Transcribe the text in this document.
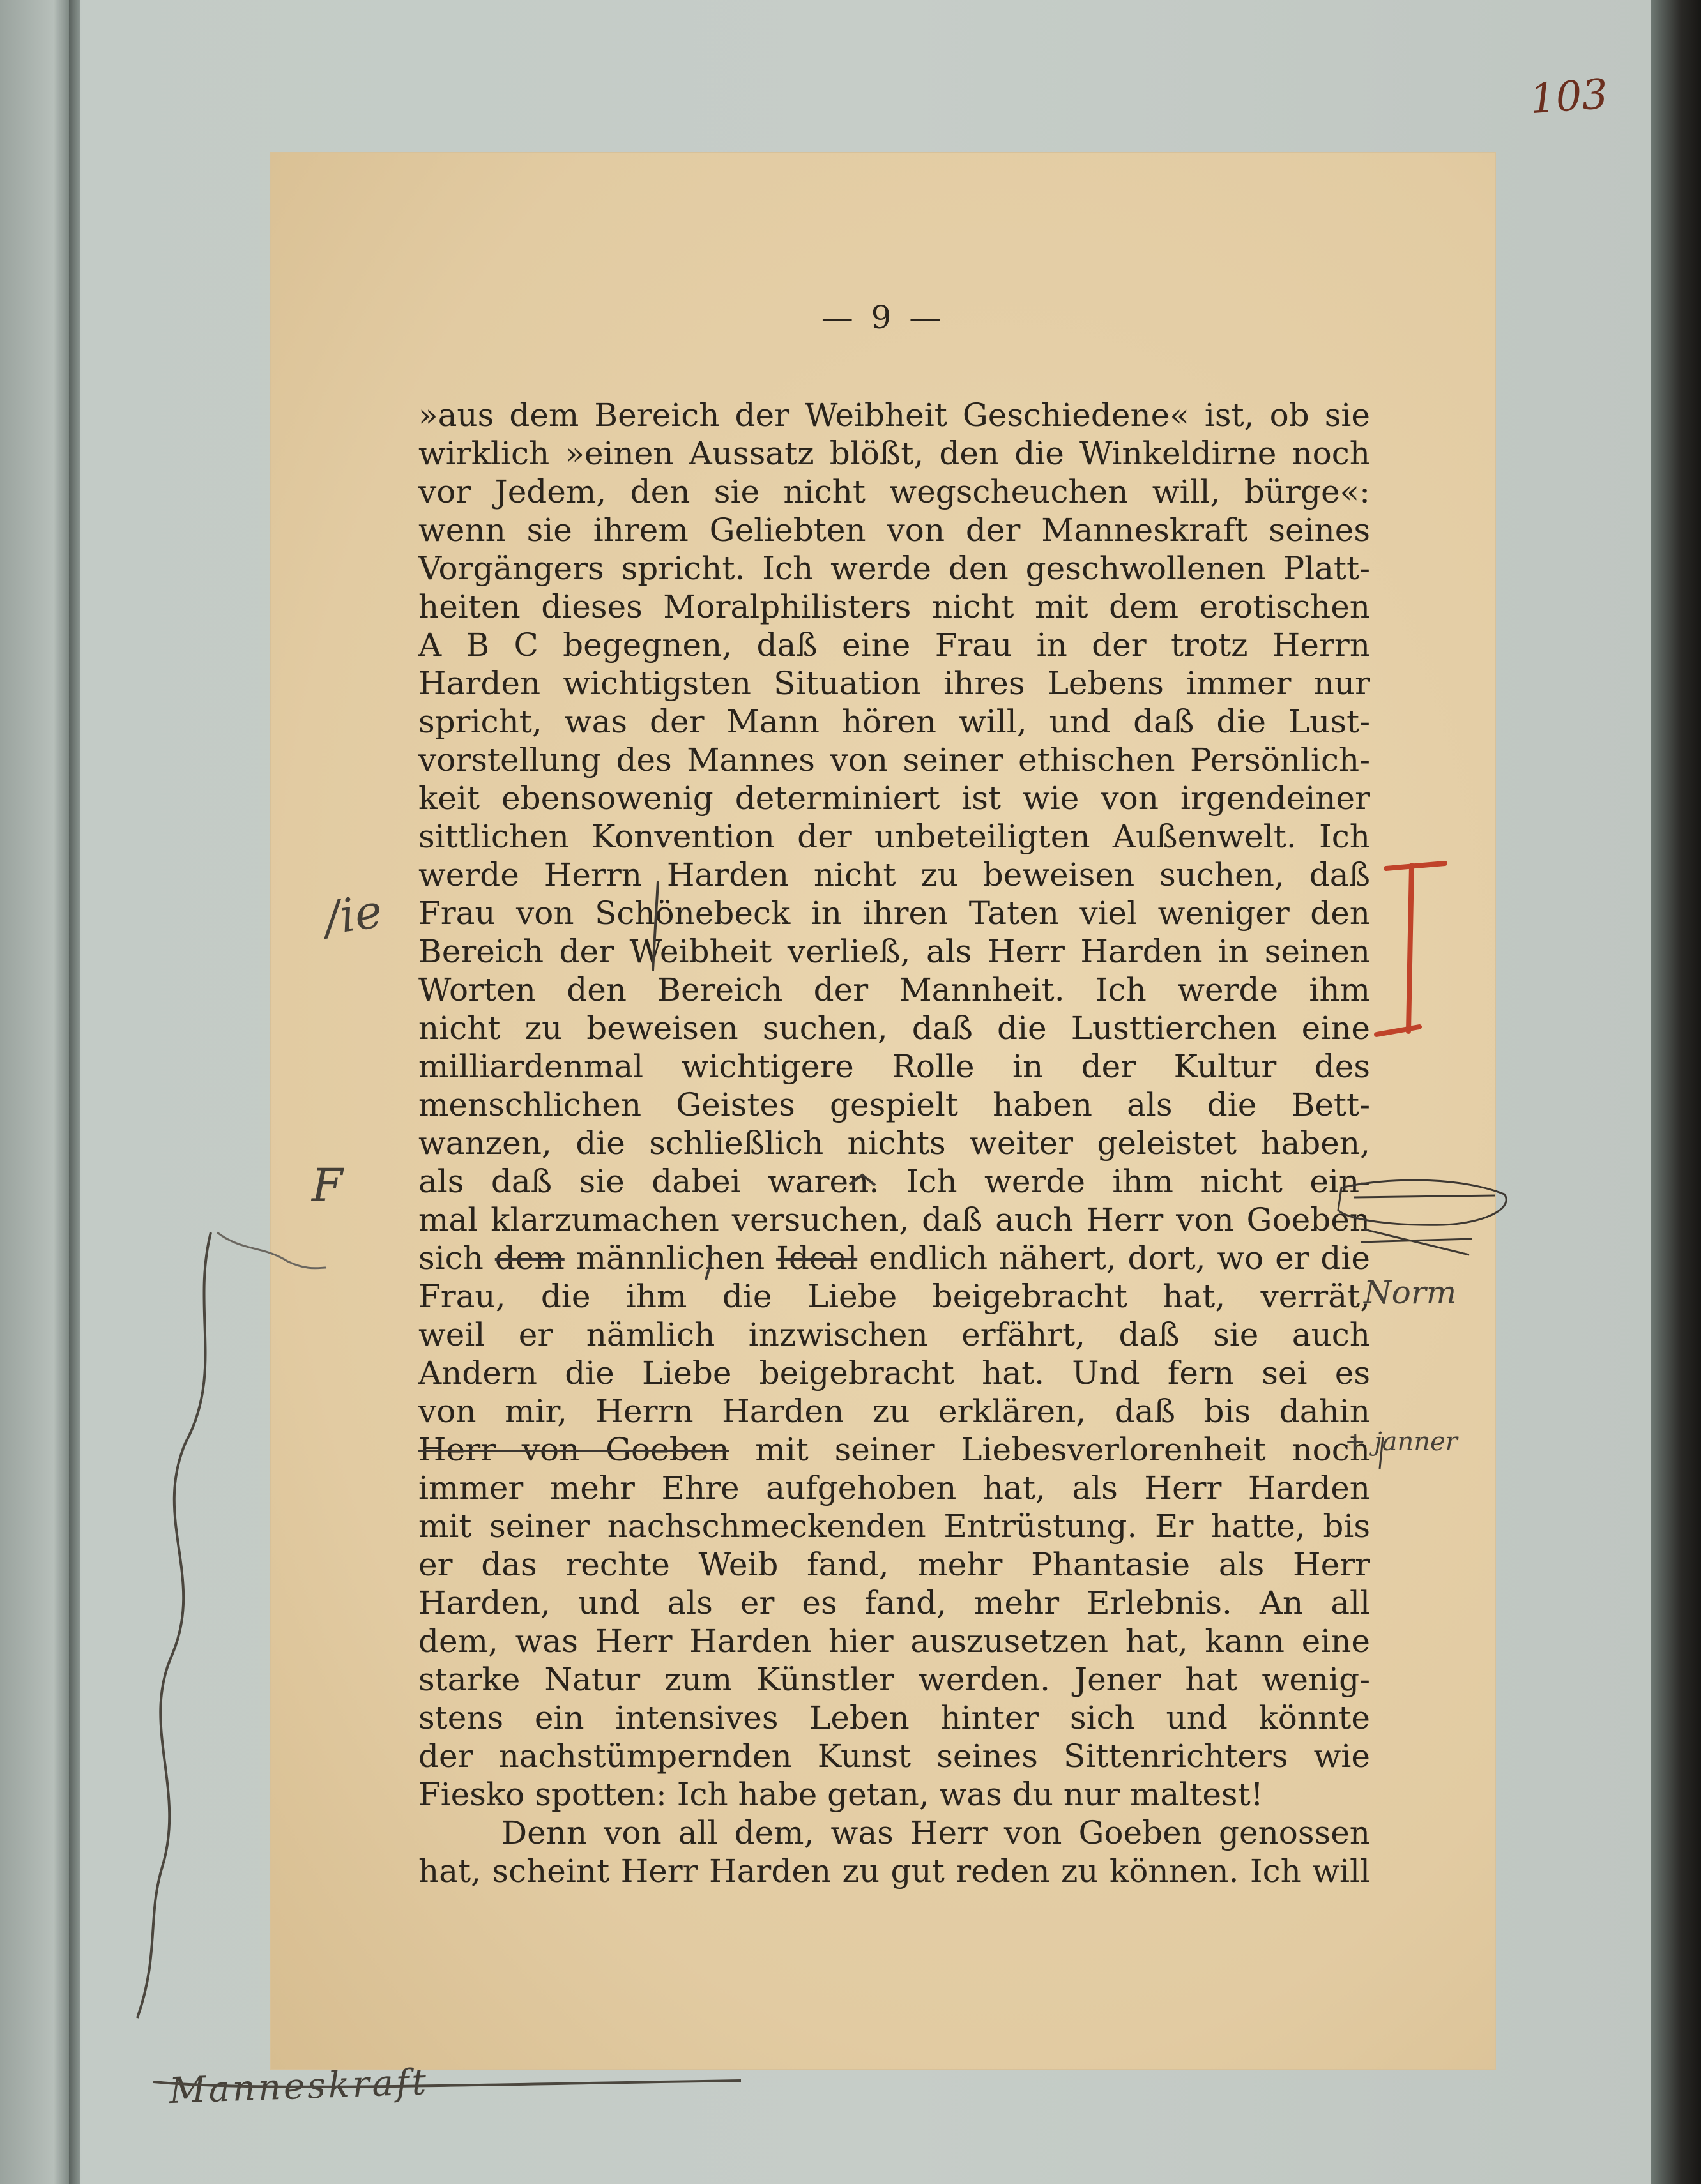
103
— 9 —
»aus dem Bereich der Weibheit Geschiedene« ist, ob sie
wirklich »einen Aussatz blößt, den die Winkeldirne noch
vor Jedem, den sie nicht wegscheuchen will, bürge«:
wenn sie ihrem Geliebten von der Manneskraft seines
Vorgängers spricht. Ich werde den geschwollenen Platt-
heiten dieses Moralphilisters nicht mit dem erotischen
A B C begegnen, daß eine Frau in der trotz Herrn
Harden wichtigsten Situation ihres Lebens immer nur
spricht, was der Mann hören will, und daß die Lust-
vorstellung des Mannes von seiner ethischen Persönlich-
keit ebensowenig determiniert ist wie von irgendeiner
sittlichen Konvention der unbeteiligten Außenwelt. Ich
werde Herrn Harden nicht zu beweisen suchen, daß
Frau von Schönebeck in ihren Taten viel weniger den
Bereich der Weibheit verließ, als Herr Harden in seinen
Worten den Bereich der Mannheit. Ich werde ihm
nicht zu beweisen suchen, daß die Lusttierchen eine
milliardenmal wichtigere Rolle in der Kultur des
menschlichen Geistes gespielt haben als die Bett-
wanzen, die schließlich nichts weiter geleistet haben,
als daß sie dabei waren. Ich werde ihm nicht ein-
mal klarzumachen versuchen, daß auch Herr von Goeben
sich dem männlichen Ideal endlich nähert, dort, wo er die
Frau, die ihm die Liebe beigebracht hat, verrät,
weil er nämlich inzwischen erfährt, daß sie auch
Andern die Liebe beigebracht hat. Und fern sei es
von mir, Herrn Harden zu erklären, daß bis dahin
Herr von Goeben mit seiner Liebesverlorenheit noch
immer mehr Ehre aufgehoben hat, als Herr Harden
mit seiner nachschmeckenden Entrüstung. Er hatte, bis
er das rechte Weib fand, mehr Phantasie als Herr
Harden, und als er es fand, mehr Erlebnis. An all
dem, was Herr Harden hier auszusetzen hat, kann eine
starke Natur zum Künstler werden. Jener hat wenig-
stens ein intensives Leben hinter sich und könnte
der nachstümpernden Kunst seines Sittenrichters wie
Fiesko spotten: Ich habe getan, was du nur maltest!
Denn von all dem, was Herr von Goeben genossen
hat, scheint Herr Harden zu gut reden zu können. Ich will
/ie
F
Norm
+ janner
Manneskraft
